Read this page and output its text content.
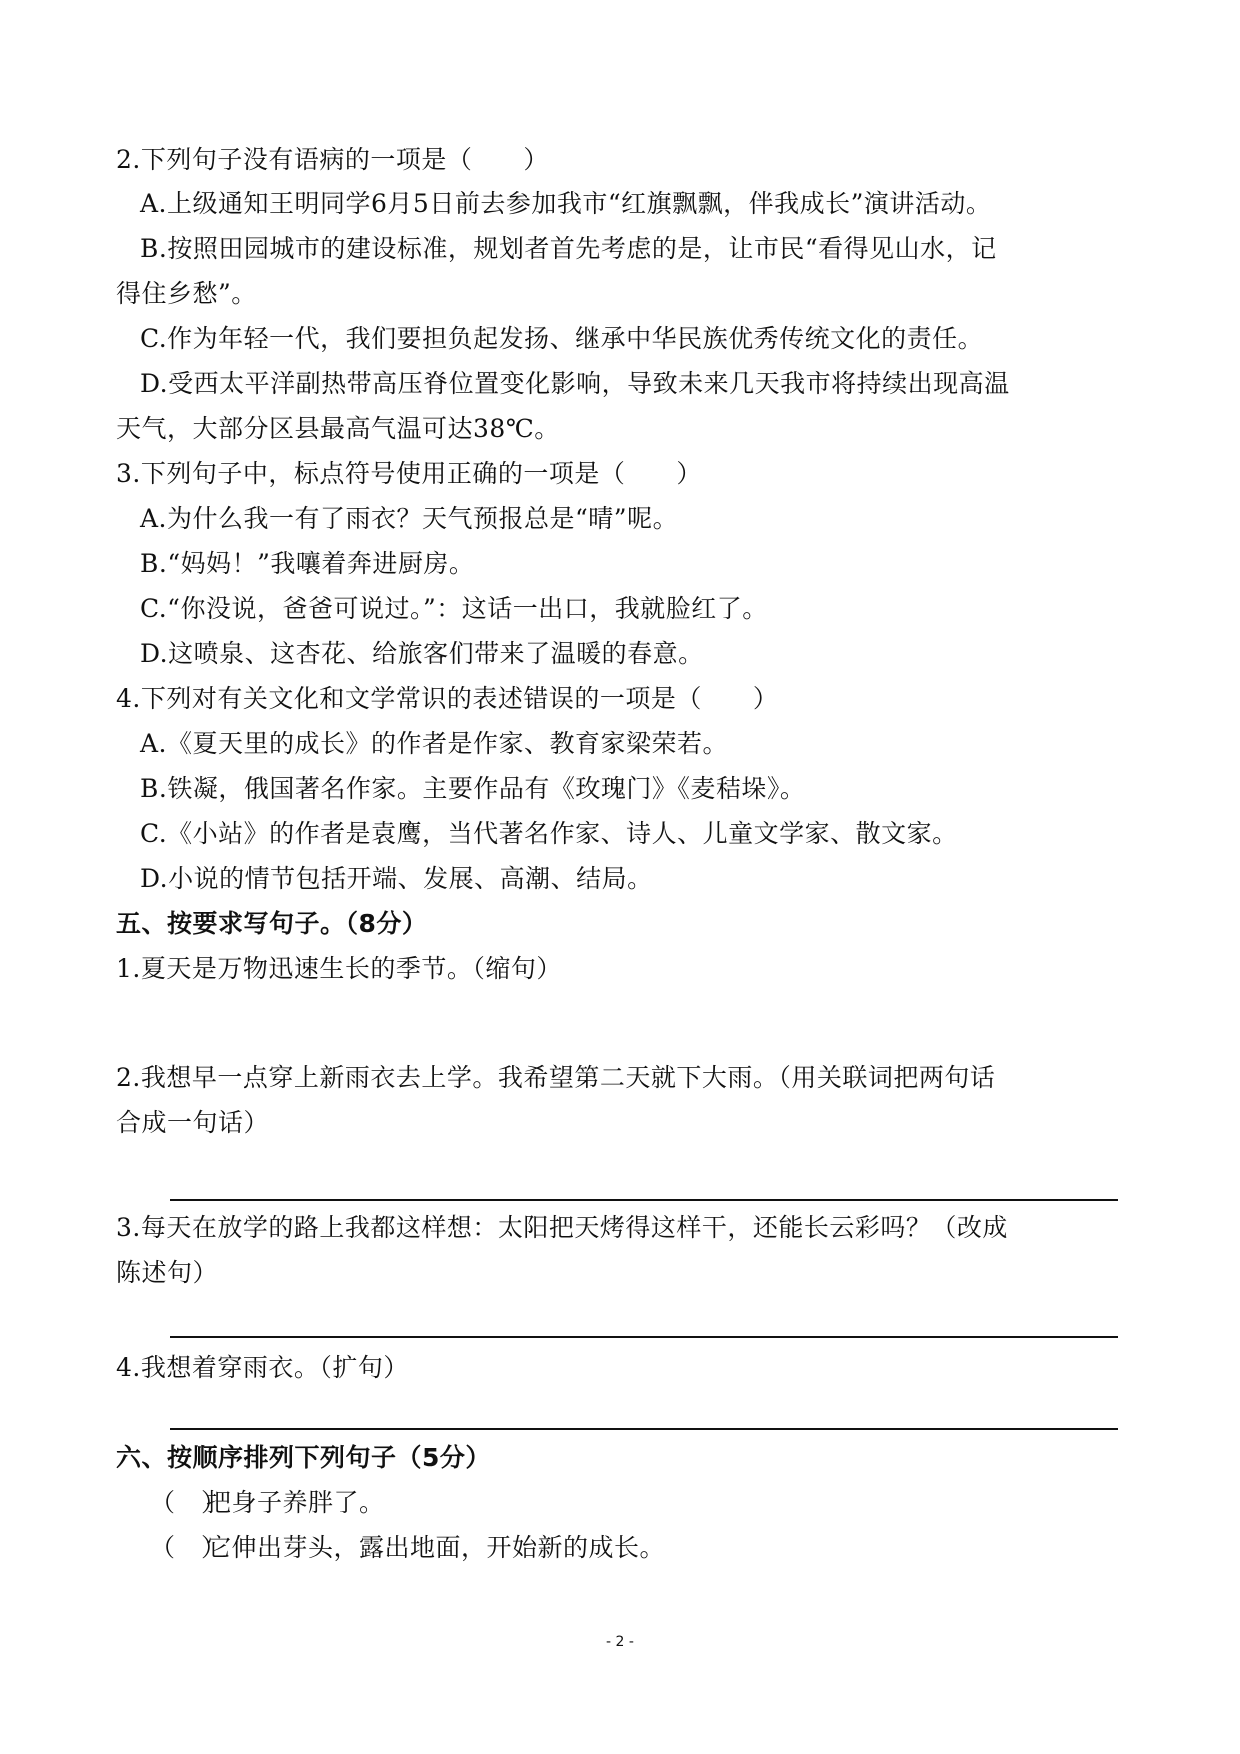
2.下列句子没有语病的一项是（　　）
A.上级通知王明同学6月5日前去参加我市“红旗飘飘，伴我成长”演讲活动。
B.按照田园城市的建设标准，规划者首先考虑的是，让市民“看得见山水，记
得住乡愁”。
C.作为年轻一代，我们要担负起发扬、继承中华民族优秀传统文化的责任。
D.受西太平洋副热带高压脊位置变化影响，导致未来几天我市将持续出现高温
天气，大部分区县最高气温可达38℃。
3.下列句子中，标点符号使用正确的一项是（　　）
A.为什么我一有了雨衣？天气预报总是“晴”呢。
B.“妈妈！”我嚷着奔进厨房。
C.“你没说，爸爸可说过。”：这话一出口，我就脸红了。
D.这喷泉、这杏花、给旅客们带来了温暖的春意。
4.下列对有关文化和文学常识的表述错误的一项是（　　）
A.《夏天里的成长》的作者是作家、教育家梁荣若。
B.铁凝，俄国著名作家。主要作品有《玫瑰门》《麦秸垛》。
C.《小站》的作者是袁鹰，当代著名作家、诗人、儿童文学家、散文家。
D.小说的情节包括开端、发展、高潮、结局。
五、按要求写句子。（8分）
1.夏天是万物迅速生长的季节。（缩句）
2.我想早一点穿上新雨衣去上学。我希望第二天就下大雨。（用关联词把两句话
合成一句话）
3.每天在放学的路上我都这样想：太阳把天烤得这样干，还能长云彩吗？（改成
陈述句）
4.我想着穿雨衣。（扩句）
六、按顺序排列下列句子（5分）
（　）把身子养胖了。
（　）它伸出芽头，露出地面，开始新的成长。
- 2 -
